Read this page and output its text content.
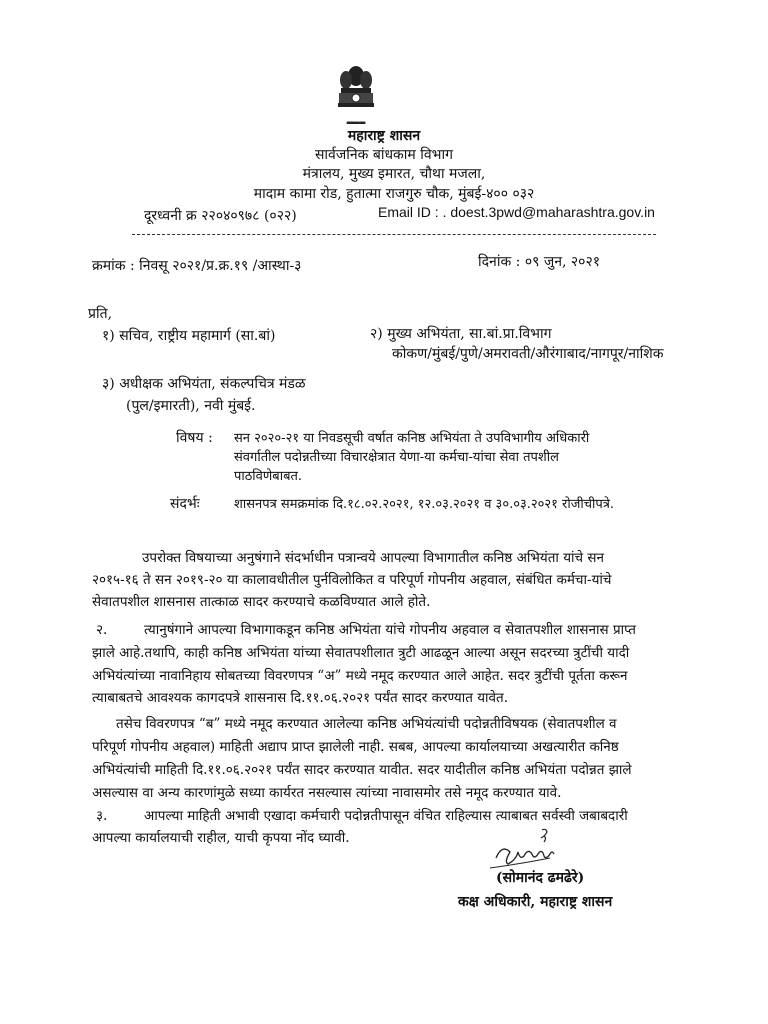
▂▂▂
महाराष्ट्र शासन
सार्वजनिक बांधकाम विभाग
मंत्रालय, मुख्य इमारत, चौथा मजला,
मादाम कामा रोड, हुतात्मा राजगुरु चौक, मुंबई-४०० ०३२
दूरध्वनी क्र २२०४०९७८ (०२२)	Email ID : . doest.3pwd@maharashtra.gov.in
क्रमांक : निवसू २०२१/प्र.क्र.१९ /आस्था-३	दिनांक : ०९ जुन, २०२१
प्रति,
१) सचिव, राष्ट्रीय महामार्ग (सा.बां)	२) मुख्य अभियंता, सा.बां.प्रा.विभाग
कोकण/मुंबई/पुणे/अमरावती/औरंगाबाद/नागपूर/नाशिक
३) अधीक्षक अभियंता, संकल्पचित्र मंडळ
(पुल/इमारती), नवी मुंबई.
विषय : सन २०२०-२१ या निवडसूची वर्षात कनिष्ठ अभियंता ते उपविभागीय अधिकारी
संवर्गातील पदोन्नतीच्या विचारक्षेत्रात येणा-या कर्मचा-यांचा सेवा तपशील
पाठविणेबाबत.
संदर्भः	शासनपत्र समक्रमांक दि.१८.०२.२०२१, १२.०३.२०२१ व ३०.०३.२०२१ रोजीचीपत्रे.
उपरोक्त विषयाच्या अनुषंगाने संदर्भाधीन पत्रान्वये आपल्या विभागातील कनिष्ठ अभियंता यांचे सन
२०१५-१६ ते सन २०१९-२० या कालावधीतील पुर्नविलोकित व परिपूर्ण गोपनीय अहवाल, संबंधित कर्मचा-यांचे
सेवातपशील शासनास तात्काळ सादर करण्याचे कळविण्यात आले होते.
२.	त्यानुषंगाने आपल्या विभागाकडून कनिष्ठ अभियंता यांचे गोपनीय अहवाल व सेवातपशील शासनास प्राप्त
झाले आहे.तथापि, काही कनिष्ठ अभियंता यांच्या सेवातपशीलात त्रुटी आढळून आल्या असून सदरच्या त्रुटींची यादी
अभियंत्यांच्या नावानिहाय सोबतच्या विवरणपत्र “अ” मध्ये नमूद करण्यात आले आहेत. सदर त्रुटींची पूर्तता करून
त्याबाबतचे आवश्यक कागदपत्रे शासनास दि.११.०६.२०२१ पर्यंत सादर करण्यात यावेत.
तसेच विवरणपत्र “ब” मध्ये नमूद करण्यात आलेल्या कनिष्ठ अभियंत्यांची पदोन्नतीविषयक (सेवातपशील व
परिपूर्ण गोपनीय अहवाल) माहिती अद्याप प्राप्त झालेली नाही. सबब, आपल्या कार्यालयाच्या अखत्यारीत कनिष्ठ
अभियंत्यांची माहिती दि.११.०६.२०२१ पर्यंत सादर करण्यात यावीत. सदर यादीतील कनिष्ठ अभियंता पदोन्नत झाले
असल्यास वा अन्य कारणांमुळे सध्या कार्यरत नसल्यास त्यांच्या नावासमोर तसे नमूद करण्यात यावे.
३.	आपल्या माहिती अभावी एखादा कर्मचारी पदोन्नतीपासून वंचित राहिल्यास त्याबाबत सर्वस्वी जबाबदारी
आपल्या कार्यालयाची राहील, याची कृपया नोंद घ्यावी.
(सोमानंद ढमढेरे)
कक्ष अधिकारी, महाराष्ट्र शासन
